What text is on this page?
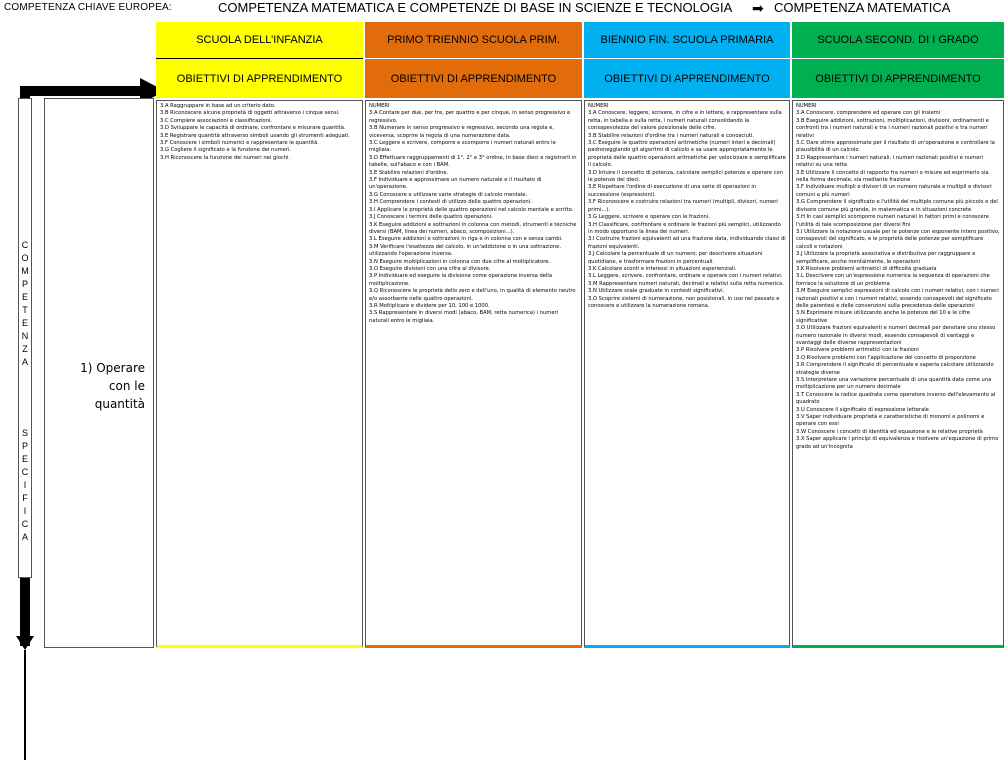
COMPETENZA CHIAVE EUROPEA:	COMPETENZA MATEMATICA E COMPETENZE DI BASE IN SCIENZE E TECNOLOGIA ➡ COMPETENZA MATEMATICA
C
O
M
P
E
T
E
N
Z
A
S
P
E
C
I
F
I
C
A
1) Operare
con le
quantità
SCUOLA DELL’INFANZIA
OBIETTIVI DI APPRENDIMENTO
PRIMO TRIENNIO SCUOLA PRIM.
OBIETTIVI DI APPRENDIMENTO
BIENNIO FIN. SCUOLA PRIMARIA
OBIETTIVI DI APPRENDIMENTO
SCUOLA SECOND. DI I GRADO
OBIETTIVI DI APPRENDIMENTO
3.A Raggruppare in base ad un criterio dato.
3.B Riconoscere alcune proprietà di oggetti attraverso i cinque sensi.
3.C Compiere associazioni e classificazioni.
3.D Sviluppare le capacità di ordinare, confrontare e misurare quantità.
3.E Registrare quantità attraverso simboli usando gli strumenti adeguati.
3.F Conoscere i simboli numerici e rappresentare le quantità.
3.G Cogliere il significato e la funzione dei numeri.
3.H Riconoscere la funzione dei numeri nei giochi.
NUMERI
3.A Contare per due, per tre, per quattro e per cinque, in senso progressivo e regressivo.
3.B Numerare in senso progressivo e regressivo, secondo una regola e, viceversa, scoprire la regola di una numerazione data.
3.C Leggere e scrivere, comporre e scomporre i numeri naturali entro le migliaia.
3.D Effettuare raggruppamenti di 1°, 2° e 3° ordine, in base dieci e registrarli in tabelle, sull'abaco e con i BAM.
3.E Stabilire relazioni d'ordine.
3.F Individuare e approssimare un numero naturale e il risultato di un'operazione.
3.G Conoscere e utilizzare varie strategie di calcolo mentale.
3.H Comprendere i contesti di utilizzo delle quattro operazioni.
3.I Applicare le proprietà delle quattro operazioni nel calcolo mentale e scritto.
3.J Conoscere i termini delle quattro operazioni.
3.K Eseguire addizioni e sottrazioni in colonna con metodi, strumenti e tecniche diversi (BAM, linea dei numeri, abaco, scomposizioni...).
3.L Eseguire addizioni e sottrazioni in riga e in colonna con e senza cambi.
3.M Verificare l'esattezza del calcolo, in un'addizione o in una sottrazione, utilizzando l'operazione inversa.
3.N Eseguire moltiplicazioni in colonna con due cifre al moltiplicatore.
3.O Eseguire divisioni con una cifra al divisore.
3.P Individuare ed eseguire la divisione come operazione inversa della moltiplicazione.
3.Q Riconoscere le proprietà dello zero e dell'uno, in qualità di elemento neutro e/o assorbente nelle quattro operazioni.
3.R Moltiplicare e dividere per 10, 100 e 1000.
3.S Rappresentare in diversi modi (abaco, BAM, retta numerica) i numeri naturali entro le migliaia.
NUMERI
3.A Conoscere, leggere, scrivere, in cifre e in lettere, e rappresentare sulla retta, in tabella e sulla retta, i numeri naturali consolidando la consapevolezza del valore posizionale delle cifre.
3.B Stabilire relazioni d'ordine tra i numeri naturali e conosciuti.
3.C Eseguire le quattro operazioni aritmetiche (numeri interi e decimali) padroneggiando gli algoritmi di calcolo e sa usare appropriatamente le proprietà delle quattro operazioni aritmetiche per velocizzare e semplificare il calcolo.
3.D Intuire il concetto di potenza, calcolare semplici potenze e operare con le potenze del dieci.
3.E Rispettare l'ordine di esecuzione di una serie di operazioni in successione (espressioni).
3.F Riconoscere e costruire relazioni tra numeri (multipli, divisori, numeri primi...).
3.G Leggere, scrivere e operare con le frazioni.
3.H Classificare, confrontare e ordinare le frazioni più semplici, utilizzando in modo opportuno la linea dei numeri.
3.I Costruire frazioni equivalenti ad una frazione data, individuando classi di frazioni equivalenti.
3.J Calcolare la percentuale di un numero, per descrivere situazioni quotidiane, e trasformare frazioni in percentuali.
3.K Calcolare sconti e interessi in situazioni esperienziali.
3.L Leggere, scrivere, confrontare, ordinare e operare con i numeri relativi.
3.M Rappresentare numeri naturali, decimali e relativi sulla retta numerica.
3.N Utilizzare scale graduate in contesti significativi.
3.O Scoprire sistemi di numerazione, non posizionali, in uso nel passato e conoscere e utilizzare la numerazione romana.
NUMERI
3.A Conoscere, comprendere ed operare con gli insiemi
3.B Eseguire addizioni, sottrazioni, moltiplicazioni, divisioni, ordinamenti e confronti tra i numeri naturali e tra i numeri razionali positivi e tra numeri relativi
3.C Dare stime approssimate per il risultato di un'operazione e controllare la plausibilità di un calcolo
3.D Rappresentare i numeri naturali, i numeri razionali positivi e numeri relativi su una retta
3.E Utilizzare il concetto di rapporto fra numeri o misure ed esprimerlo sia nella forma decimale, sia mediante frazione
3.F Individuare multipli e divisori di un numero naturale e multipli e divisori comuni a più numeri
3.G Comprendere il significato e l'utilità del multiplo comune più piccolo e del divisore comune più grande, in matematica e in situazioni concrete
3.H In casi semplici scomporre numeri naturali in fattori primi e conoscere l'utilità di tale scomposizione per diversi fini
3.I Utilizzare la notazione usuale per le potenze con esponente intero positivo, consapevoli del significato, e le proprietà delle potenze per semplificare calcoli e notazioni
3.J Utilizzare la proprietà associativa e distributiva per raggruppare e semplificare, anche mentalmente, le operazioni
3.K Risolvere problemi aritmetici di difficoltà graduata
3.L Descrivere con un'espressione numerica la sequenza di operazioni che fornisce la soluzione di un problema
3.M Eseguire semplici espressioni di calcolo con i numeri relativi, con i numeri razionali positivi e con i numeri relativi, essendo consapevoli del significato delle parentesi e delle convenzioni sulla precedenza delle operazioni
3.N Esprimere misure utilizzando anche le potenze del 10 e le cifre significative
3.O Utilizzare frazioni equivalenti e numeri decimali per denotare uno stesso numero razionale in diversi modi, essendo consapevoli di vantaggi e svantaggi delle diverse rappresentazioni
3.P Risolvere problemi aritmetici con le frazioni
3.Q Risolvere problemi con l'applicazione del concetto di proporzione
3.R Comprendere il significato di percentuale e saperla calcolare utilizzando strategie diverse
3.S Interpretare una variazione percentuale di una quantità data come una moltiplicazione per un numero decimale
3.T Conoscere la radice quadrata come operatore inverso dell'elevamento al quadrato
3.U Conoscere il significato di espressione letterale
3.V Saper individuare proprietà e caratteristiche di monomi e polinomi e operare con essi
3.W Conoscere i concetti di identità ed equazione e le relative proprietà
3.X Saper applicare i principi di equivalenza e risolvere un'equazione di primo grado ad un'incognita
